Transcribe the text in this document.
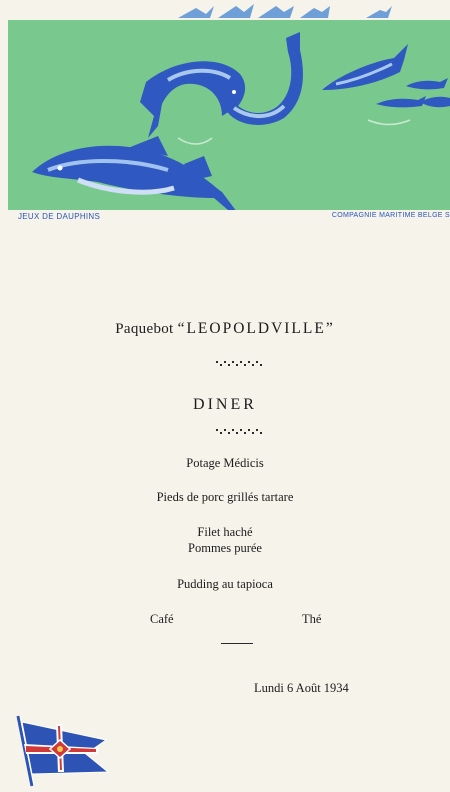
JEUX DE DAUPHINS	COMPAGNIE MARITIME BELGE S
Paquebot “LEOPOLDVILLE”
DINER
Potage Médicis
Pieds de porc grillés tartare
Filet haché
Pommes purée
Pudding au tapioca
Café	Thé
Lundi 6 Août 1934
